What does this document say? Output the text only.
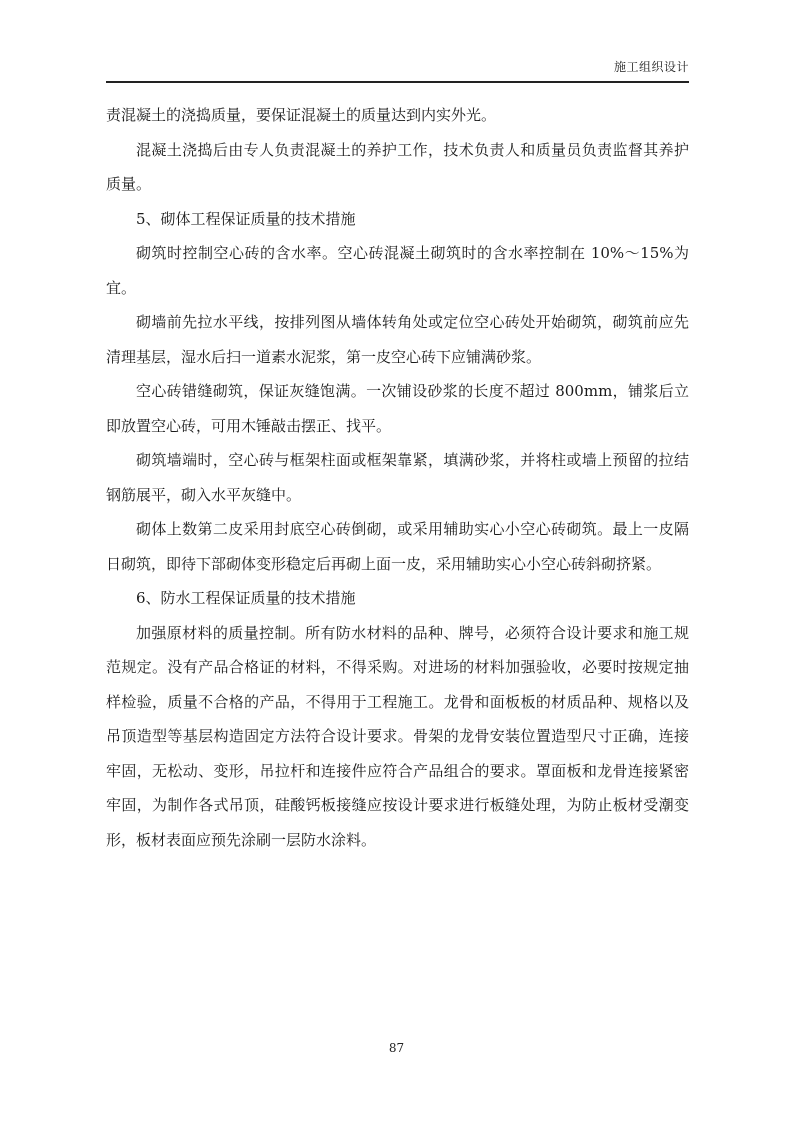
施工组织设计

责混凝土的浇捣质量，要保证混凝土的质量达到内实外光。

混凝土浇捣后由专人负责混凝土的养护工作，技术负责人和质量员负责监督其养护质量。

5、砌体工程保证质量的技术措施

砌筑时控制空心砖的含水率。空心砖混凝土砌筑时的含水率控制在 10%～15%为宜。

砌墙前先拉水平线，按排列图从墙体转角处或定位空心砖处开始砌筑，砌筑前应先清理基层，湿水后扫一道素水泥浆，第一皮空心砖下应铺满砂浆。

空心砖错缝砌筑，保证灰缝饱满。一次铺设砂浆的长度不超过 800mm，铺浆后立即放置空心砖，可用木锤敲击摆正、找平。

砌筑墙端时，空心砖与框架柱面或框架靠紧，填满砂浆，并将柱或墙上预留的拉结钢筋展平，砌入水平灰缝中。

砌体上数第二皮采用封底空心砖倒砌，或采用辅助实心小空心砖砌筑。最上一皮隔日砌筑，即待下部砌体变形稳定后再砌上面一皮，采用辅助实心小空心砖斜砌挤紧。

6、防水工程保证质量的技术措施

加强原材料的质量控制。所有防水材料的品种、牌号，必须符合设计要求和施工规范规定。没有产品合格证的材料，不得采购。对进场的材料加强验收，必要时按规定抽样检验，质量不合格的产品，不得用于工程施工。龙骨和面板板的材质品种、规格以及吊顶造型等基层构造固定方法符合设计要求。骨架的龙骨安装位置造型尺寸正确，连接牢固，无松动、变形，吊拉杆和连接件应符合产品组合的要求。罩面板和龙骨连接紧密牢固，为制作各式吊顶，硅酸钙板接缝应按设计要求进行板缝处理，为防止板材受潮变形，板材表面应预先涂刷一层防水涂料。

87
